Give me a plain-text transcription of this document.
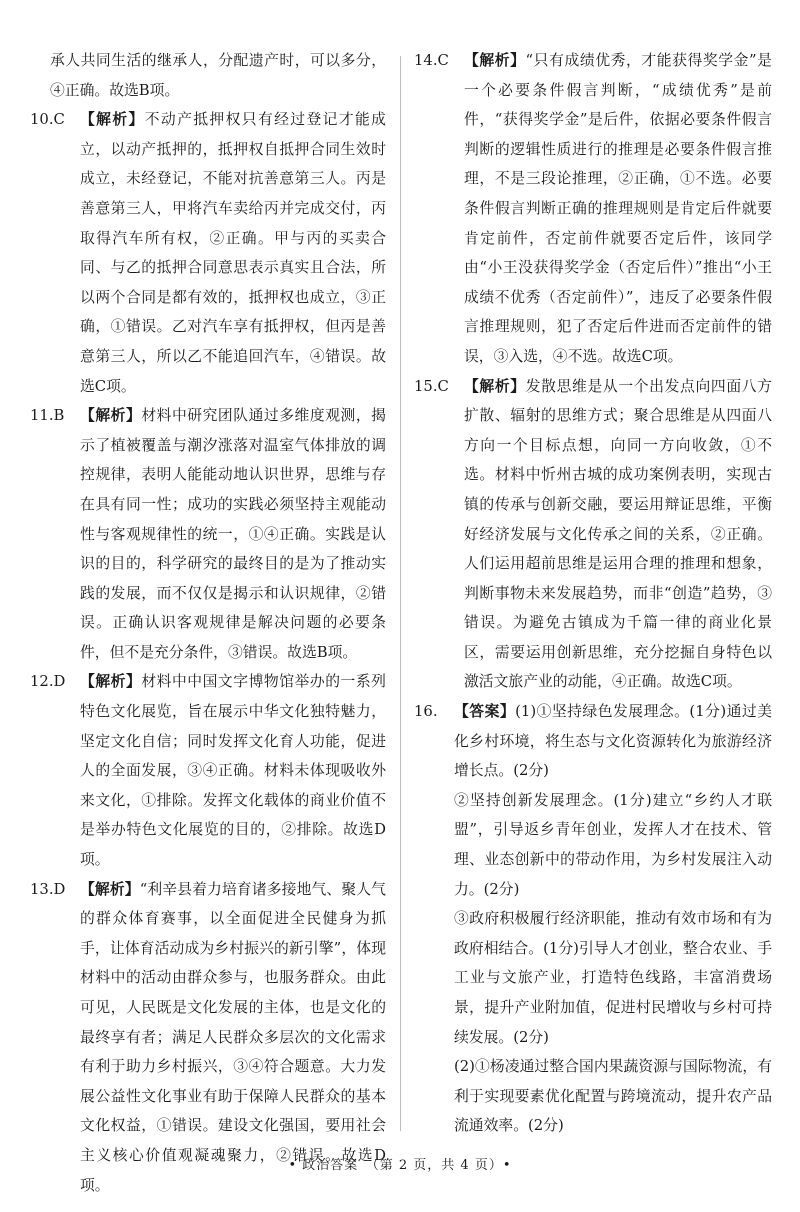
承人共同生活的继承人，分配遗产时，可以多分，④正确。故选B项。
10.C	【解析】不动产抵押权只有经过登记才能成立，以动产抵押的，抵押权自抵押合同生效时成立，未经登记，不能对抗善意第三人。丙是善意第三人，甲将汽车卖给丙并完成交付，丙取得汽车所有权，②正确。甲与丙的买卖合同、与乙的抵押合同意思表示真实且合法，所以两个合同是都有效的，抵押权也成立，③正确，①错误。乙对汽车享有抵押权，但丙是善意第三人，所以乙不能追回汽车，④错误。故选C项。
11.B	【解析】材料中研究团队通过多维度观测，揭示了植被覆盖与潮汐涨落对温室气体排放的调控规律，表明人能能动地认识世界，思维与存在具有同一性；成功的实践必须坚持主观能动性与客观规律性的统一，①④正确。实践是认识的目的，科学研究的最终目的是为了推动实践的发展，而不仅仅是揭示和认识规律，②错误。正确认识客观规律是解决问题的必要条件，但不是充分条件，③错误。故选B项。
12.D 【解析】材料中中国文字博物馆举办的一系列特色文化展览，旨在展示中华文化独特魅力，坚定文化自信；同时发挥文化育人功能，促进人的全面发展，③④正确。材料未体现吸收外来文化，①排除。发挥文化载体的商业价值不是举办特色文化展览的目的，②排除。故选D项。
13.D 【解析】“利辛县着力培育诸多接地气、聚人气的群众体育赛事，以全面促进全民健身为抓手，让体育活动成为乡村振兴的新引擎”，体现材料中的活动由群众参与，也服务群众。由此可见，人民既是文化发展的主体，也是文化的最终享有者；满足人民群众多层次的文化需求有利于助力乡村振兴，③④符合题意。大力发展公益性文化事业有助于保障人民群众的基本文化权益，①错误。建设文化强国，要用社会主义核心价值观凝魂聚力，②错误。故选D项。
14.C	【解析】“只有成绩优秀，才能获得奖学金”是一个必要条件假言判断，“成绩优秀”是前件，“获得奖学金”是后件，依据必要条件假言判断的逻辑性质进行的推理是必要条件假言推理，不是三段论推理，②正确，①不选。必要条件假言判断正确的推理规则是肯定后件就要肯定前件，否定前件就要否定后件，该同学由“小王没获得奖学金（否定后件）”推出“小王成绩不优秀（否定前件）”，违反了必要条件假言推理规则，犯了否定后件进而否定前件的错误，③入选，④不选。故选C项。
15.C	【解析】发散思维是从一个出发点向四面八方扩散、辐射的思维方式；聚合思维是从四面八方向一个目标点想，向同一方向收敛，①不选。材料中忻州古城的成功案例表明，实现古镇的传承与创新交融，要运用辩证思维，平衡好经济发展与文化传承之间的关系，②正确。人们运用超前思维是运用合理的推理和想象，判断事物未来发展趋势，而非“创造”趋势，③错误。为避免古镇成为千篇一律的商业化景区，需要运用创新思维，充分挖掘自身特色以激活文旅产业的动能，④正确。故选C项。
16.	【答案】(1)①坚持绿色发展理念。(1分)通过美化乡村环境，将生态与文化资源转化为旅游经济增长点。(2分)
②坚持创新发展理念。(1分)建立“乡约人才联盟”，引导返乡青年创业，发挥人才在技术、管理、业态创新中的带动作用，为乡村发展注入动力。(2分)
③政府积极履行经济职能，推动有效市场和有为政府相结合。(1分)引导人才创业，整合农业、手工业与文旅产业，打造特色线路，丰富消费场景，提升产业附加值，促进村民增收与乡村可持续发展。(2分)
(2)①杨凌通过整合国内果蔬资源与国际物流，有利于实现要素优化配置与跨境流动，提升农产品流通效率。(2分)
• 政治答案　（第 2 页，共 4 页）•
